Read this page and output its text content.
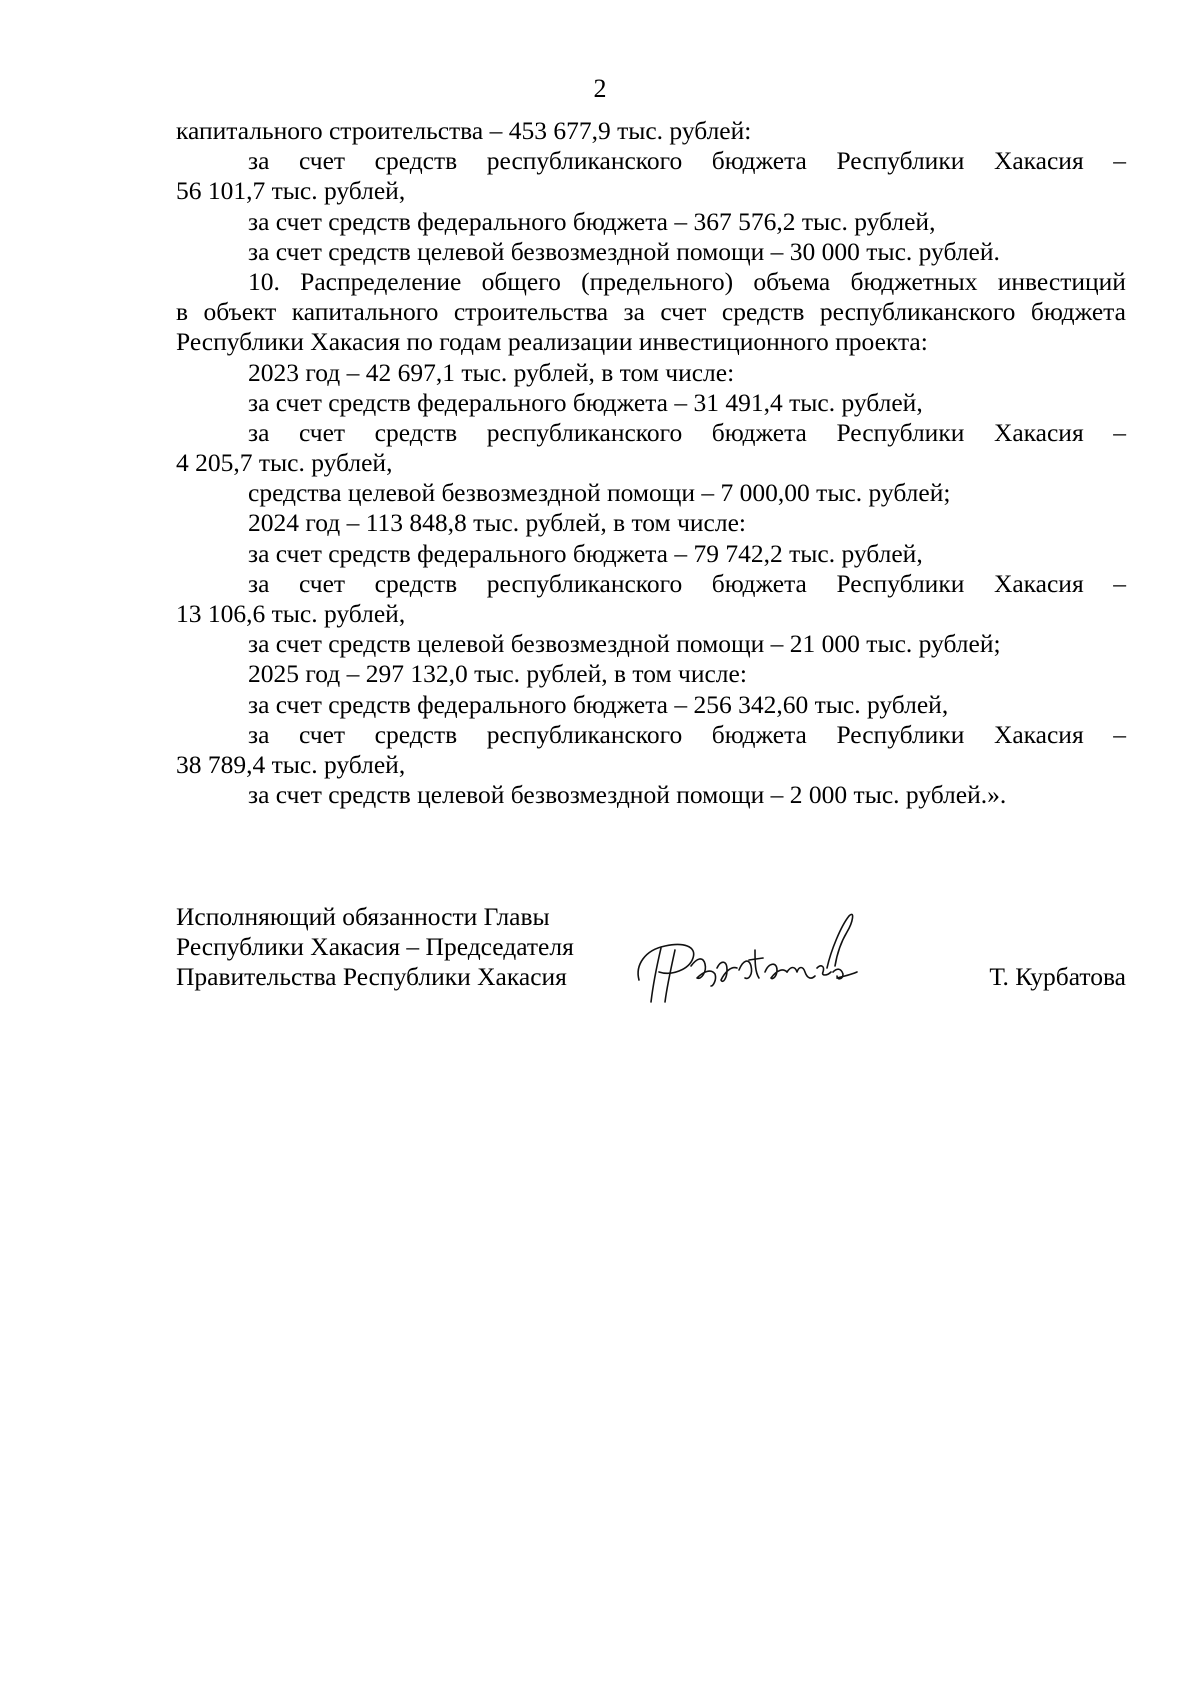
2
капитального строительства – 453 677,9 тыс. рублей:
за счет средств республиканского бюджета Республики Хакасия –
56 101,7 тыс. рублей,
за счет средств федерального бюджета – 367 576,2 тыс. рублей,
за счет средств целевой безвозмездной помощи – 30 000 тыс. рублей.
10. Распределение общего (предельного) объема бюджетных инвестиций
в объект капитального строительства за счет средств республиканского бюджета
Республики Хакасия по годам реализации инвестиционного проекта:
2023 год – 42 697,1 тыс. рублей, в том числе:
за счет средств федерального бюджета – 31 491,4 тыс. рублей,
за счет средств республиканского бюджета Республики Хакасия –
4 205,7 тыс. рублей,
средства целевой безвозмездной помощи – 7 000,00 тыс. рублей;
2024 год – 113 848,8 тыс. рублей, в том числе:
за счет средств федерального бюджета – 79 742,2 тыс. рублей,
за счет средств республиканского бюджета Республики Хакасия –
13 106,6 тыс. рублей,
за счет средств целевой безвозмездной помощи – 21 000 тыс. рублей;
2025 год – 297 132,0 тыс. рублей, в том числе:
за счет средств федерального бюджета – 256 342,60 тыс. рублей,
за счет средств республиканского бюджета Республики Хакасия –
38 789,4 тыс. рублей,
за счет средств целевой безвозмездной помощи – 2 000 тыс. рублей.».
Исполняющий обязанности Главы
Республики Хакасия – Председателя
Правительства Республики Хакасия	Т. Курбатова
